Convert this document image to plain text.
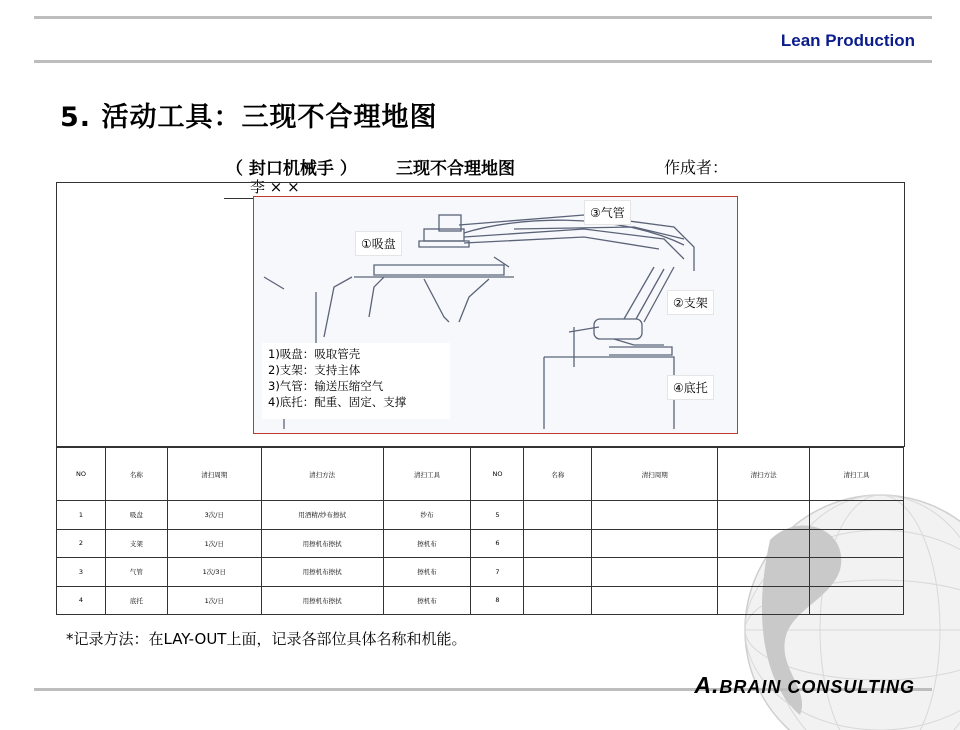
Lean Production
5. 活动工具：三现不合理地图
（ 封口机械手 ） 三现不合理地图	作成者：
李 × ×
③气管
①吸盘
②支架
④底托
1)吸盘：吸取管壳
2)支架：支持主体
3)气管：输送压缩空气
4)底托：配重、固定、支撑
NO	名称	清扫周期	清扫方法	清扫工具	NO	名称	清扫周期	清扫方法	清扫工具
1	吸盘	3次/日	用酒精/纱布擦拭	纱布	5				
2	支架	1次/日	用擦机布擦拭	擦机布	6				
3	气管	1次/3日	用擦机布擦拭	擦机布	7				
4	底托	1次/日	用擦机布擦拭	擦机布	8				
*记录方法：在LAY-OUT上面，记录各部位具体名称和机能。
A.BRAIN CONSULTING
